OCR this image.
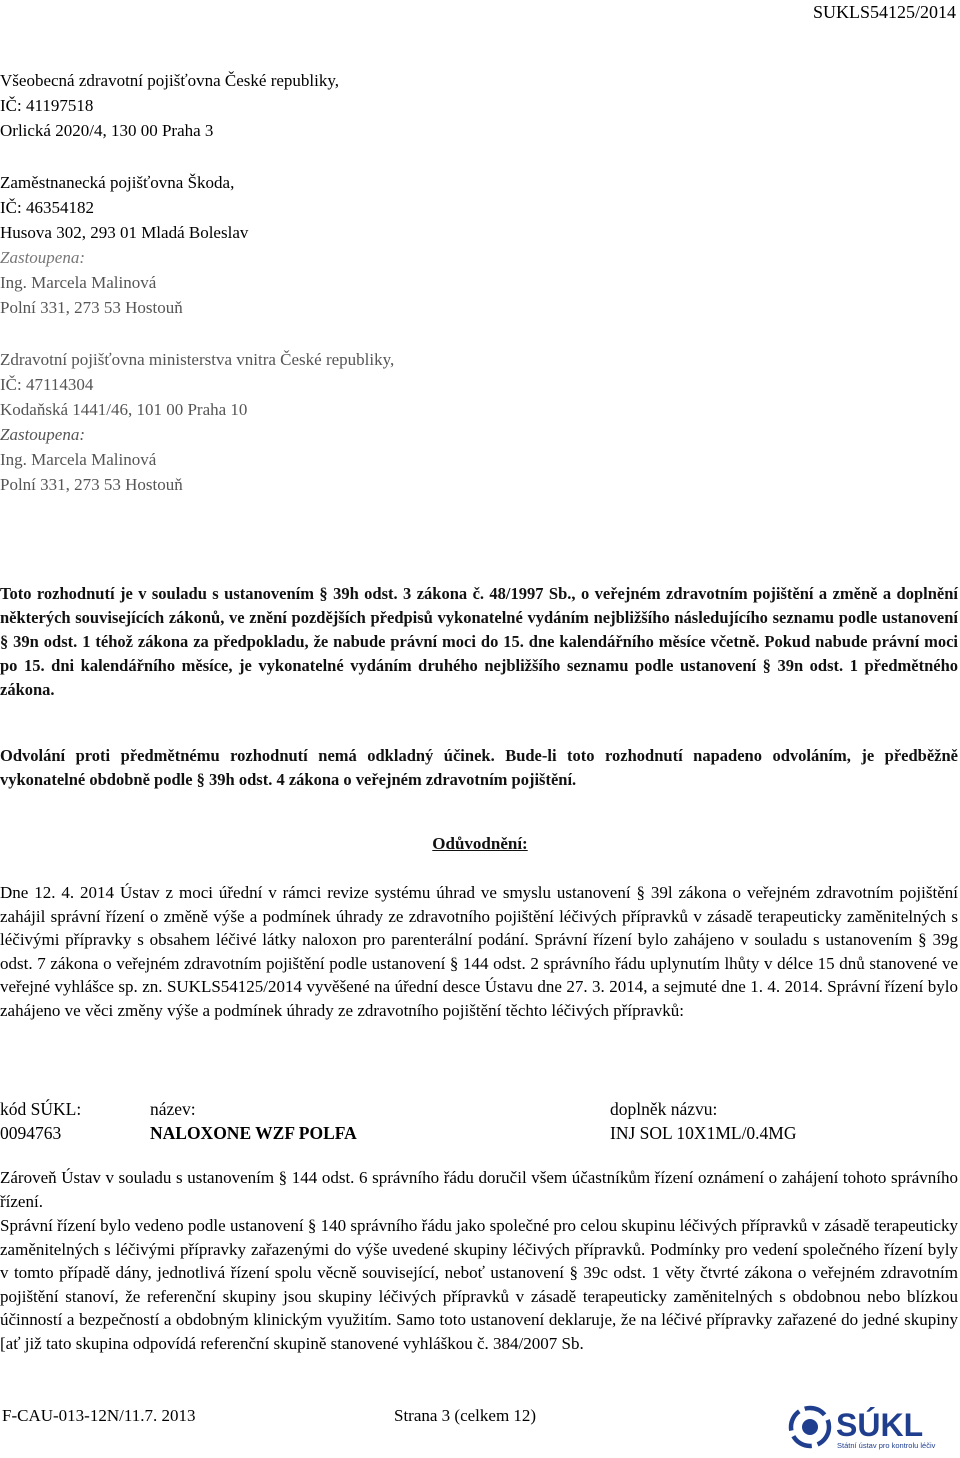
SUKLS54125/2014
Všeobecná zdravotní pojišťovna České republiky,
IČ: 41197518
Orlická 2020/4, 130 00 Praha 3
Zaměstnanecká pojišťovna Škoda,
IČ: 46354182
Husova 302, 293 01 Mladá Boleslav
Zastoupena:
Ing. Marcela Malinová
Polní 331, 273 53 Hostouň
Zdravotní pojišťovna ministerstva vnitra České republiky,
IČ: 47114304
Kodaňská 1441/46, 101 00 Praha 10
Zastoupena:
Ing. Marcela Malinová
Polní 331, 273 53 Hostouň

Toto rozhodnutí je v souladu s ustanovením § 39h odst. 3 zákona č. 48/1997 Sb., o veřejném zdravotním pojištění a změně a doplnění některých souvisejících zákonů, ve znění pozdějších předpisů vykonatelné vydáním nejbližšího následujícího seznamu podle ustanovení § 39n odst. 1 téhož zákona za předpokladu, že nabude právní moci do 15. dne kalendářního měsíce včetně. Pokud nabude právní moci po 15. dni kalendářního měsíce, je vykonatelné vydáním druhého nejbližšího seznamu podle ustanovení § 39n odst. 1 předmětného zákona.

Odvolání proti předmětnému rozhodnutí nemá odkladný účinek. Bude-li toto rozhodnutí napadeno odvoláním, je předběžně vykonatelné obdobně podle § 39h odst. 4 zákona o veřejném zdravotním pojištění.

Odůvodnění:

Dne 12. 4. 2014 Ústav z moci úřední v rámci revize systému úhrad ve smyslu ustanovení § 39l zákona o veřejném zdravotním pojištění zahájil správní řízení o změně výše a podmínek úhrady ze zdravotního pojištění léčivých přípravků v zásadě terapeuticky zaměnitelných s léčivými přípravky s obsahem léčivé látky naloxon pro parenterální podání. Správní řízení bylo zahájeno v souladu s ustanovením § 39g odst. 7 zákona o veřejném zdravotním pojištění podle ustanovení § 144 odst. 2 správního řádu uplynutím lhůty v délce 15 dnů stanovené ve veřejné vyhlášce sp. zn. SUKLS54125/2014 vyvěšené na úřední desce Ústavu dne 27. 3. 2014, a sejmuté dne 1. 4. 2014. Správní řízení bylo zahájeno ve věci změny výše a podmínek úhrady ze zdravotního pojištění těchto léčivých přípravků:

kód SÚKL:	název:	doplněk názvu:
0094763	NALOXONE WZF POLFA	INJ SOL 10X1ML/0.4MG

Zároveň Ústav v souladu s ustanovením § 144 odst. 6 správního řádu doručil všem účastníkům řízení oznámení o zahájení tohoto správního řízení.

Správní řízení bylo vedeno podle ustanovení § 140 správního řádu jako společné pro celou skupinu léčivých přípravků v zásadě terapeuticky zaměnitelných s léčivými přípravky zařazenými do výše uvedené skupiny léčivých přípravků. Podmínky pro vedení společného řízení byly v tomto případě dány, jednotlivá řízení spolu věcně související, neboť ustanovení § 39c odst. 1 věty čtvrté zákona o veřejném zdravotním pojištění stanoví, že referenční skupiny jsou skupiny léčivých přípravků v zásadě terapeuticky zaměnitelných s obdobnou nebo blízkou účinností a bezpečností a obdobným klinickým využitím. Samo toto ustanovení deklaruje, že na léčivé přípravky zařazené do jedné skupiny [ať již tato skupina odpovídá referenční skupině stanovené vyhláškou č. 384/2007 Sb.

F-CAU-013-12N/11.7. 2013	Strana 3 (celkem 12)	SÚKL
Státní ústav pro kontrolu léčiv
